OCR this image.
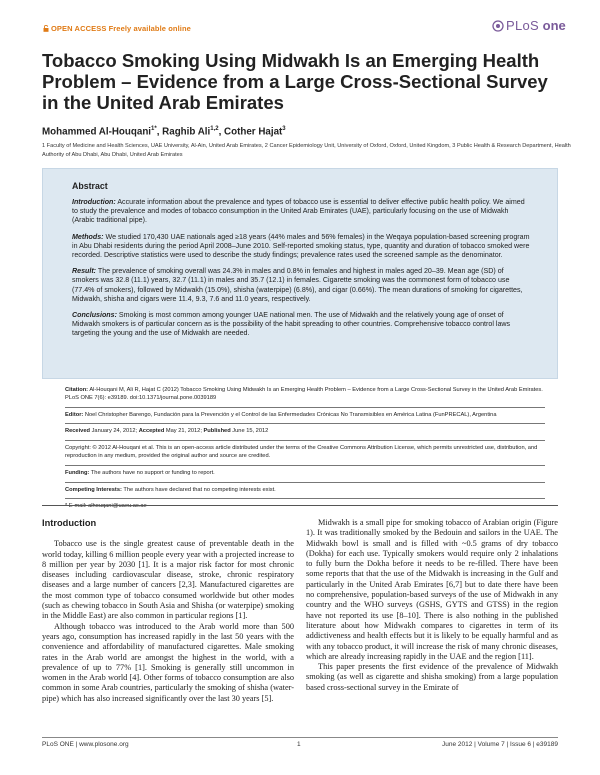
OPEN ACCESS Freely available online	PLoS one
Tobacco Smoking Using Midwakh Is an Emerging Health Problem – Evidence from a Large Cross-Sectional Survey in the United Arab Emirates
Mohammed Al-Houqani$^{1*}$, Raghib Ali$^{1,2}$, Cother Hajat$^3$
1 Faculty of Medicine and Health Sciences, UAE University, Al-Ain, United Arab Emirates, 2 Cancer Epidemiology Unit, University of Oxford, Oxford, United Kingdom, 3 Public Health & Research Department, Health Authority of Abu Dhabi, Abu Dhabi, United Arab Emirates
Abstract

Introduction: Accurate information about the prevalence and types of tobacco use is essential to deliver effective public health policy. We aimed to study the prevalence and modes of tobacco consumption in the United Arab Emirates (UAE), particularly focusing on the use of Midwakh (Arabic traditional pipe).

Methods: We studied 170,430 UAE nationals aged ≥18 years (44% males and 56% females) in the Weqaya population-based screening program in Abu Dhabi residents during the period April 2008–June 2010. Self-reported smoking status, type, quantity and duration of tobacco smoked were recorded. Descriptive statistics were used to describe the study findings; prevalence rates used the screened sample as the denominator.

Result: The prevalence of smoking overall was 24.3% in males and 0.8% in females and highest in males aged 20–39. Mean age (SD) of smokers was 32.8 (11.1) years, 32.7 (11.1) in males and 35.7 (12.1) in females. Cigarette smoking was the commonest form of tobacco use (77.4% of smokers), followed by Midwakh (15.0%), shisha (waterpipe) (6.8%), and cigar (0.66%). The mean durations of smoking for cigarettes, Midwakh, shisha and cigars were 11.4, 9.3, 7.6 and 11.0 years, respectively.

Conclusions: Smoking is most common among younger UAE national men. The use of Midwakh and the relatively young age of onset of Midwakh smokers is of particular concern as is the possibility of the habit spreading to other countries. Comprehensive tobacco control laws targeting the young and the use of Midwakh are needed.

Citation: Al-Houqani M, Ali R, Hajat C (2012) Tobacco Smoking Using Midwakh Is an Emerging Health Problem – Evidence from a Large Cross-Sectional Survey in the United Arab Emirates. PLoS ONE 7(6): e39189. doi:10.1371/journal.pone.0039189

Editor: Noel Christopher Barengo, Fundación para la Prevención y el Control de las Enfermedades Crónicas No Transmisibles en América Latina (FunPRECAL), Argentina

Received January 24, 2012; Accepted May 21, 2012; Published June 15, 2012

Copyright: © 2012 Al-Houqani et al. This is an open-access article distributed under the terms of the Creative Commons Attribution License, which permits unrestricted use, distribution, and reproduction in any medium, provided the original author and source are credited.

Funding: The authors have no support or funding to report.

Competing Interests: The authors have declared that no competing interests exist.

* E-mail: alhouqani@uaeu.ac.ae

Introduction

Tobacco use is the single greatest cause of preventable death in the world today, killing 6 million people every year with a projected increase to 8 million per year by 2030 [1]. It is a major risk factor for most chronic diseases including cardiovascular disease, stroke, chronic respiratory diseases and a large number of cancers [2,3]. Manufactured cigarettes are the most common type of tobacco consumed worldwide but other modes (such as chewing tobacco in South Asia and Shisha (or waterpipe) smoking in the Middle East) are also common in particular regions [1].

Although tobacco was introduced to the Arab world more than 500 years ago, consumption has increased rapidly in the last 50 years with the convenience and affordability of manufactured cigarettes. Male smoking rates in the Arab world are amongst the highest in the world, with a prevalence of up to 77% [1]. Smoking is generally still uncommon in women in the Arab world [4]. Other forms of tobacco consumption are also common in some Arab countries, particularly the smoking of shisha (water-pipe) which has also increased significantly over the last 30 years [5].

Midwakh is a small pipe for smoking tobacco of Arabian origin (Figure 1). It was traditionally smoked by the Bedouin and sailors in the UAE. The Midwakh bowl is small and is filled with ~0.5 grams of dry tobacco (Dokha) for each use. Typically smokers would require only 2 inhalations to fully burn the Dokha before it needs to be re-filled. There have been some reports that that the use of the Midwakh is increasing in the Gulf and particularly in the United Arab Emirates [6,7] but to date there have been no comprehensive, population-based surveys of the use of Midwakh in any country and the WHO surveys (GSHS, GYTS and GTSS) in the region have not reported its use [8–10]. There is also nothing in the published literature about how Midwakh compares to cigarettes in term of its addictiveness and health effects but it is likely to be equally harmful and as with any tobacco product, it will increase the risk of many chronic diseases, which are already increasing rapidly in the UAE and the region [11].

This paper presents the first evidence of the prevalence of Midwakh smoking (as well as cigarette and shisha smoking) from a large population based cross-sectional survey in the Emirate of

PLoS ONE | www.plosone.org	1	June 2012 | Volume 7 | Issue 6 | e39189
